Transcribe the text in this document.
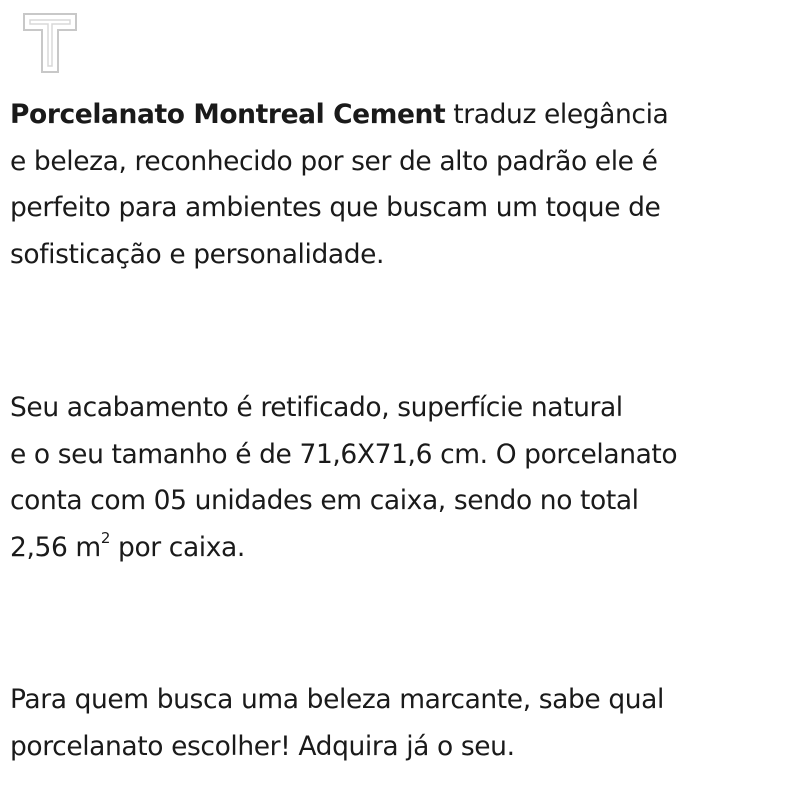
Porcelanato Montreal Cement traduz elegância
e beleza, reconhecido por ser de alto padrão ele é
perfeito para ambientes que buscam um toque de
sofisticação e personalidade.

Seu acabamento é retificado, superfície natural
e o seu tamanho é de 71,6X71,6 cm. O porcelanato
conta com 05 unidades em caixa, sendo no total
2,56 $m^2$ por caixa.

Para quem busca uma beleza marcante, sabe qual
porcelanato escolher! Adquira já o seu.
